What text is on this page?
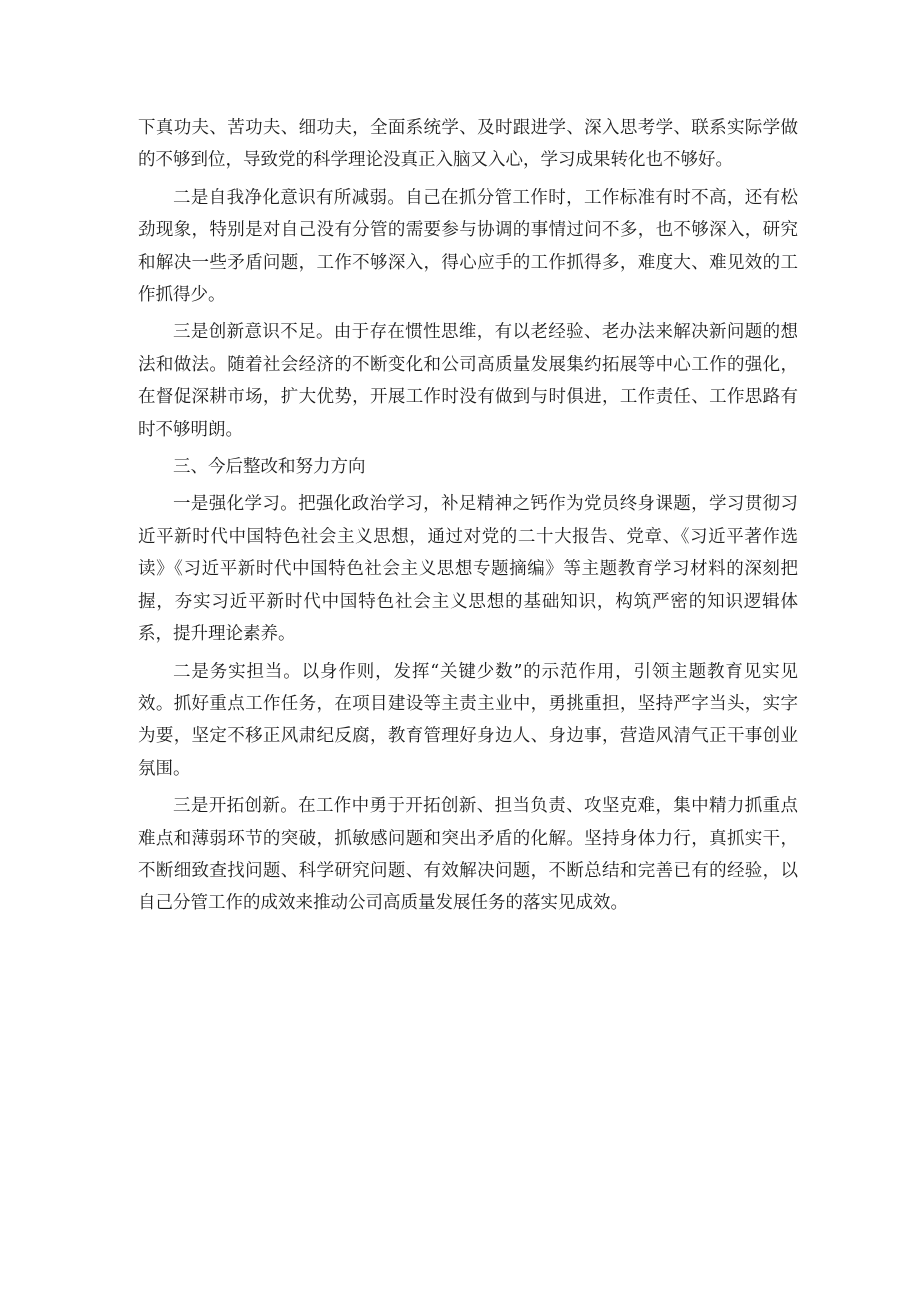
下真功夫、苦功夫、细功夫，全面系统学、及时跟进学、深入思考学、联系实际学做的不够到位，导致党的科学理论没真正入脑又入心，学习成果转化也不够好。

二是自我净化意识有所减弱。自己在抓分管工作时，工作标准有时不高，还有松劲现象，特别是对自己没有分管的需要参与协调的事情过问不多，也不够深入，研究和解决一些矛盾问题，工作不够深入，得心应手的工作抓得多，难度大、难见效的工作抓得少。

三是创新意识不足。由于存在惯性思维，有以老经验、老办法来解决新问题的想法和做法。随着社会经济的不断变化和公司高质量发展集约拓展等中心工作的强化，在督促深耕市场，扩大优势，开展工作时没有做到与时俱进，工作责任、工作思路有时不够明朗。

三、今后整改和努力方向

一是强化学习。把强化政治学习，补足精神之钙作为党员终身课题，学习贯彻习近平新时代中国特色社会主义思想，通过对党的二十大报告、党章、《习近平著作选读》《习近平新时代中国特色社会主义思想专题摘编》等主题教育学习材料的深刻把握，夯实习近平新时代中国特色社会主义思想的基础知识，构筑严密的知识逻辑体系，提升理论素养。

二是务实担当。以身作则，发挥“关键少数”的示范作用，引领主题教育见实见效。抓好重点工作任务，在项目建设等主责主业中，勇挑重担，坚持严字当头，实字为要，坚定不移正风肃纪反腐，教育管理好身边人、身边事，营造风清气正干事创业氛围。

三是开拓创新。在工作中勇于开拓创新、担当负责、攻坚克难，集中精力抓重点难点和薄弱环节的突破，抓敏感问题和突出矛盾的化解。坚持身体力行，真抓实干，不断细致查找问题、科学研究问题、有效解决问题，不断总结和完善已有的经验，以自己分管工作的成效来推动公司高质量发展任务的落实见成效。
